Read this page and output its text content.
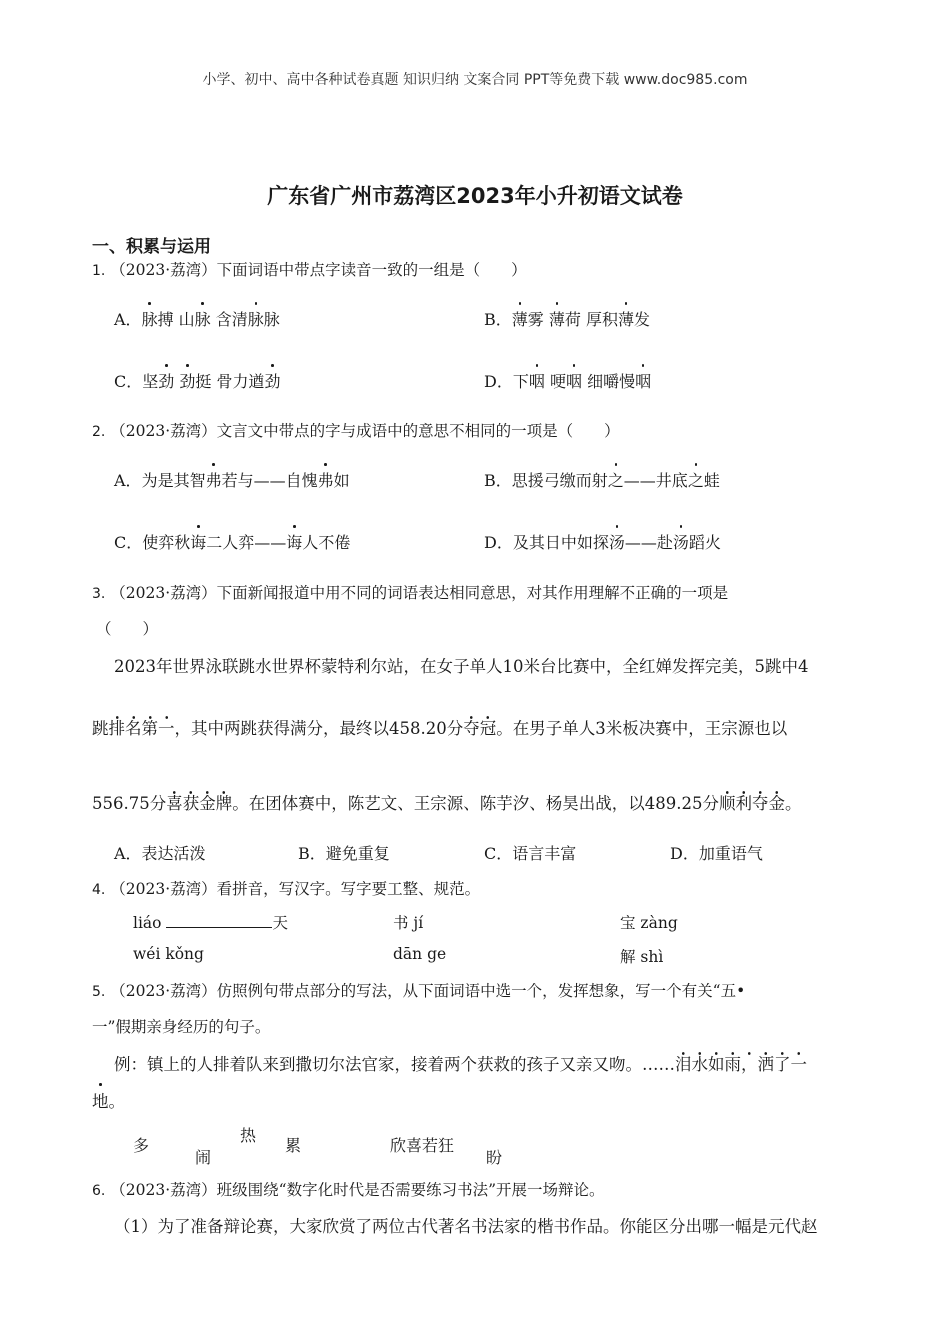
小学、初中、高中各种试卷真题 知识归纳 文案合同 PPT等免费下载 www.doc985.com
广东省广州市荔湾区2023年小升初语文试卷
一、积累与运用
1. （2023·荔湾）下面词语中带点字读音一致的一组是（　　）
A．脉搏 山脉 含清脉脉	B．薄雾 薄荷 厚积薄发
C．坚劲 劲挺 骨力遒劲	D．下咽 哽咽 细嚼慢咽
2. （2023·荔湾）文言文中带点的字与成语中的意思不相同的一项是（　　）
A．为是其智弗若与——自愧弗如	B．思援弓缴而射之——井底之蛙
C．使弈秋诲二人弈——诲人不倦	D．及其日中如探汤——赴汤蹈火
3. （2023·荔湾）下面新闻报道中用不同的词语表达相同意思，对其作用理解不正确的一项是
（　　）
2023年世界泳联跳水世界杯蒙特利尔站，在女子单人10米台比赛中，全红婵发挥完美，5跳中4
跳排名第一，其中两跳获得满分，最终以458.20分夺冠。在男子单人3米板决赛中，王宗源也以
556.75分喜获金牌。在团体赛中，陈艺文、王宗源、陈芋汐、杨昊出战，以489.25分顺利夺金。
A．表达活泼	B．避免重复	C．语言丰富	D．加重语气
4. （2023·荔湾）看拼音，写汉字。写字要工整、规范。
liáo	天	书 jí	宝 zàng
wéi kǒng	dān ge	解 shì
5. （2023·荔湾）仿照例句带点部分的写法，从下面词语中选一个，发挥想象，写一个有关“五•
一”假期亲身经历的句子。
例：镇上的人排着队来到撒切尔法官家，接着两个获救的孩子又亲又吻。……泪水如雨，洒了一
地。
多
闹
热
累	欣喜若狂
盼
6. （2023·荔湾）班级围绕“数字化时代是否需要练习书法”开展一场辩论。
（1）为了准备辩论赛，大家欣赏了两位古代著名书法家的楷书作品。你能区分出哪一幅是元代赵
